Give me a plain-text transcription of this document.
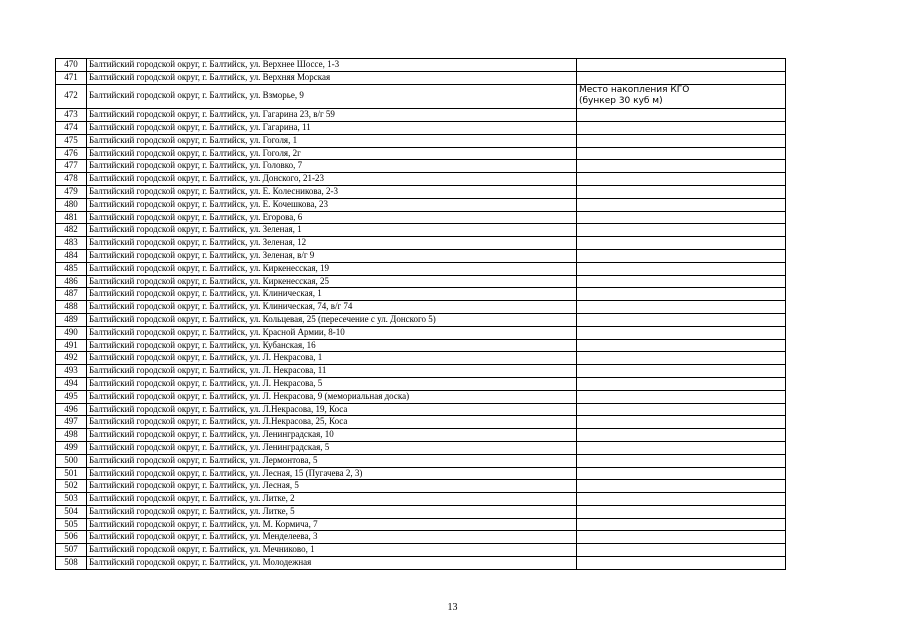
470	Балтийский городской округ, г. Балтийск, ул. Верхнее Шоссе, 1-3	
471	Балтийский городской округ, г. Балтийск, ул. Верхняя Морская	
472	Балтийский городской округ, г. Балтийск, ул. Взморье, 9	Место накопления КГО
(бункер 30 куб м)

473	Балтийский городской округ, г. Балтийск, ул. Гагарина 23, в/г 59	
474	Балтийский городской округ, г. Балтийск, ул. Гагарина, 11	
475	Балтийский городской округ, г. Балтийск, ул. Гоголя, 1	
476	Балтийский городской округ, г. Балтийск, ул. Гоголя, 2г	
477	Балтийский городской округ, г. Балтийск, ул. Головко, 7	
478	Балтийский городской округ, г. Балтийск, ул. Донского, 21-23	
479	Балтийский городской округ, г. Балтийск, ул. Е. Колесникова, 2-3	
480	Балтийский городской округ, г. Балтийск, ул. Е. Кочешкова, 23	
481	Балтийский городской округ, г. Балтийск, ул. Егорова, 6	
482	Балтийский городской округ, г. Балтийск, ул. Зеленая, 1	
483	Балтийский городской округ, г. Балтийск, ул. Зеленая, 12	
484	Балтийский городской округ, г. Балтийск, ул. Зеленая, в/г 9	
485	Балтийский городской округ, г. Балтийск, ул. Киркенесская, 19	
486	Балтийский городской округ, г. Балтийск, ул. Киркенесская, 25	
487	Балтийский городской округ, г. Балтийск, ул. Клиническая, 1	
488	Балтийский городской округ, г. Балтийск, ул. Клиническая, 74, в/г 74	
489	Балтийский городской округ, г. Балтийск, ул. Кольцевая, 25 (пересечение с ул. Донского 5)	
490	Балтийский городской округ, г. Балтийск, ул. Красной Армии, 8-10	
491	Балтийский городской округ, г. Балтийск, ул. Кубанская, 16	
492	Балтийский городской округ, г. Балтийск, ул. Л. Некрасова, 1	
493	Балтийский городской округ, г. Балтийск, ул. Л. Некрасова, 11	
494	Балтийский городской округ, г. Балтийск, ул. Л. Некрасова, 5	
495	Балтийский городской округ, г. Балтийск, ул. Л. Некрасова, 9 (мемориальная доска)	
496	Балтийский городской округ, г. Балтийск, ул. Л.Некрасова, 19, Коса	
497	Балтийский городской округ, г. Балтийск, ул. Л.Некрасова, 25, Коса	
498	Балтийский городской округ, г. Балтийск, ул. Ленинградская, 10	
499	Балтийский городской округ, г. Балтийск, ул. Ленинградская, 5	
500	Балтийский городской округ, г. Балтийск, ул. Лермонтова, 5	
501	Балтийский городской округ, г. Балтийск, ул. Лесная, 15 (Пугачева 2, 3)	
502	Балтийский городской округ, г. Балтийск, ул. Лесная, 5	
503	Балтийский городской округ, г. Балтийск, ул. Литке, 2	
504	Балтийский городской округ, г. Балтийск, ул. Литке, 5	
505	Балтийский городской округ, г. Балтийск, ул. М. Кормича, 7	
506	Балтийский городской округ, г. Балтийск, ул. Менделеева, 3	
507	Балтийский городской округ, г. Балтийск, ул. Мечниково, 1	
508	Балтийский городской округ, г. Балтийск, ул. Молодежная	
13
